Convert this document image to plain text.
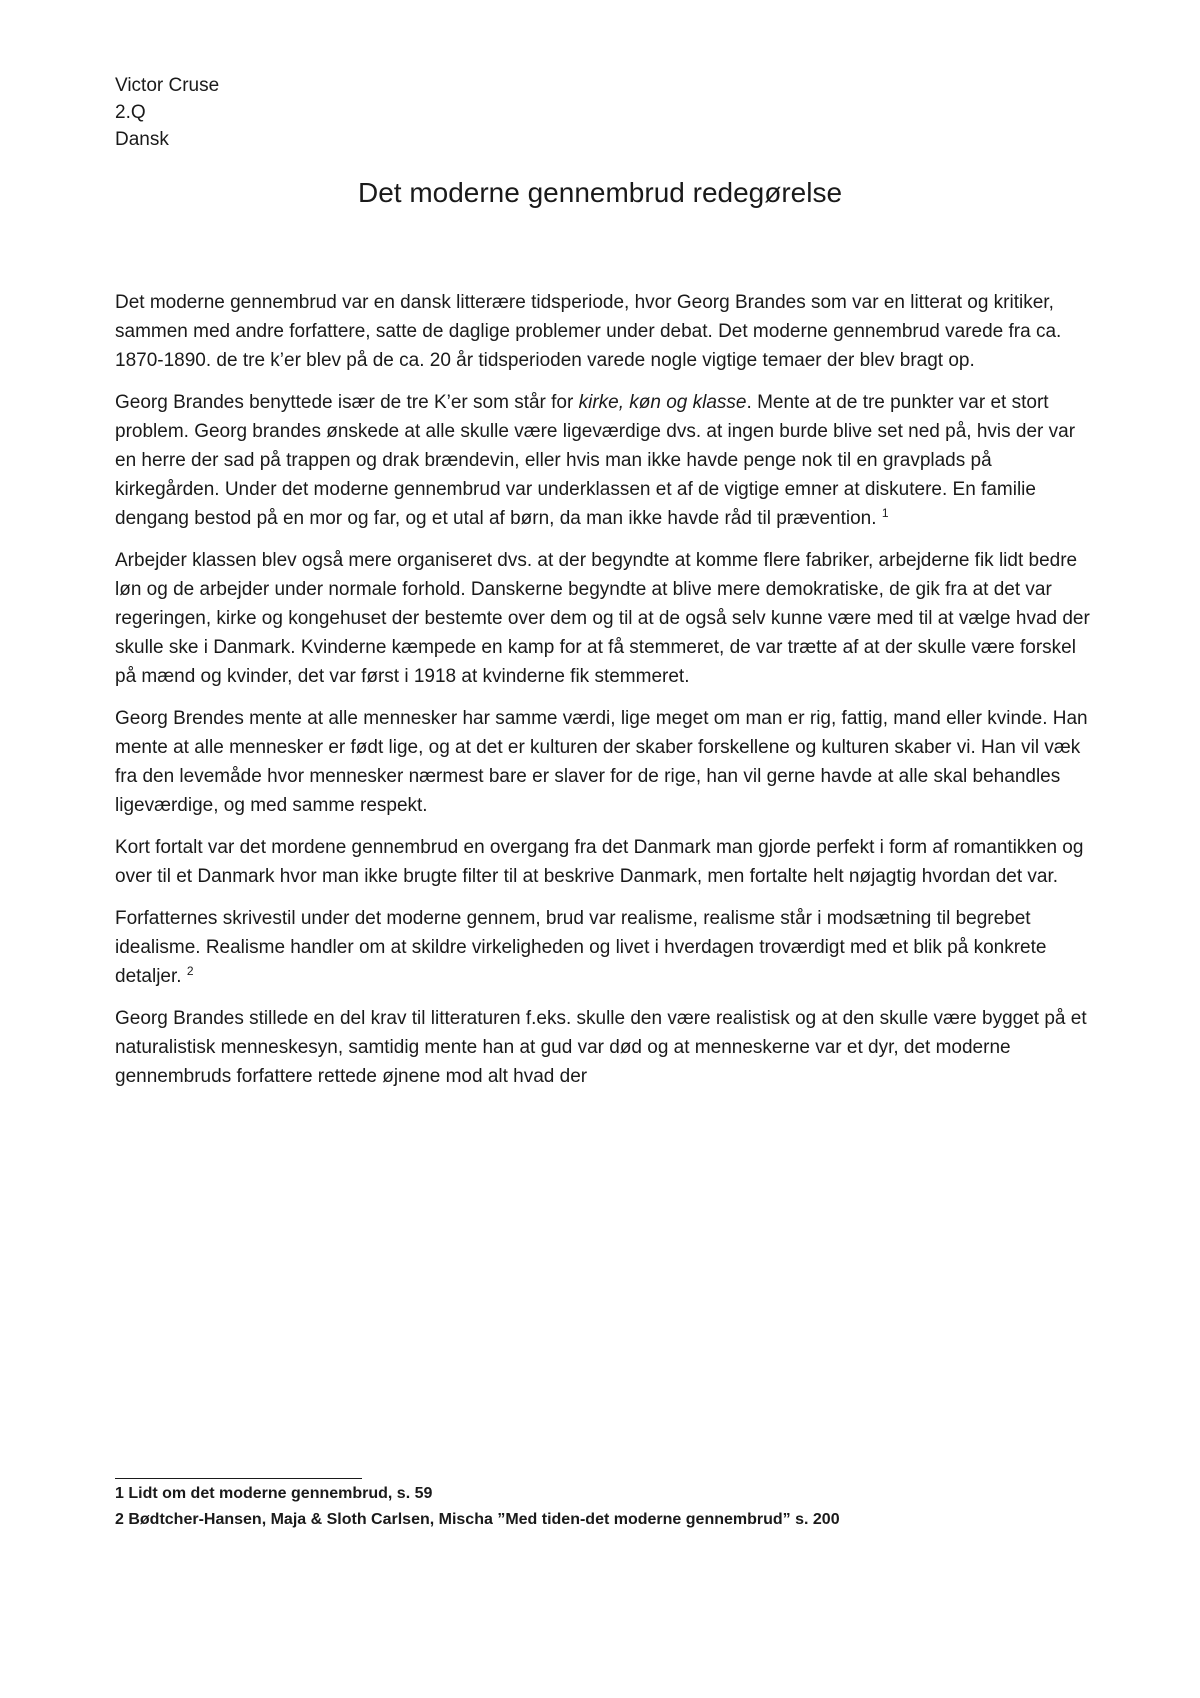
Victor Cruse
2.Q
Dansk
Det moderne gennembrud redegørelse

Det moderne gennembrud var en dansk litterære tidsperiode, hvor Georg Brandes som var en litterat og kritiker, sammen med andre forfattere, satte de daglige problemer under debat. Det moderne gennembrud varede fra ca. 1870-1890. de tre k’er blev på de ca. 20 år tidsperioden varede nogle vigtige temaer der blev bragt op.

Georg Brandes benyttede især de tre K’er som står for kirke, køn og klasse. Mente at de tre punkter var et stort problem. Georg brandes ønskede at alle skulle være ligeværdige dvs. at ingen burde blive set ned på, hvis der var en herre der sad på trappen og drak brændevin, eller hvis man ikke havde penge nok til en gravplads på kirkegården. Under det moderne gennembrud var underklassen et af de vigtige emner at diskutere. En familie dengang bestod på en mor og far, og et utal af børn, da man ikke havde råd til prævention. $^1$

Arbejder klassen blev også mere organiseret dvs. at der begyndte at komme flere fabriker, arbejderne fik lidt bedre løn og de arbejder under normale forhold. Danskerne begyndte at blive mere demokratiske, de gik fra at det var regeringen, kirke og kongehuset der bestemte over dem og til at de også selv kunne være med til at vælge hvad der skulle ske i Danmark. Kvinderne kæmpede en kamp for at få stemmeret, de var trætte af at der skulle være forskel på mænd og kvinder, det var først i 1918 at kvinderne fik stemmeret.

Georg Brendes mente at alle mennesker har samme værdi, lige meget om man er rig, fattig, mand eller kvinde. Han mente at alle mennesker er født lige, og at det er kulturen der skaber forskellene og kulturen skaber vi. Han vil væk fra den levemåde hvor mennesker nærmest bare er slaver for de rige, han vil gerne havde at alle skal behandles ligeværdige, og med samme respekt.

Kort fortalt var det mordene gennembrud en overgang fra det Danmark man gjorde perfekt i form af romantikken og over til et Danmark hvor man ikke brugte filter til at beskrive Danmark, men fortalte helt nøjagtig hvordan det var.

Forfatternes skrivestil under det moderne gennem, brud var realisme, realisme står i modsætning til begrebet idealisme. Realisme handler om at skildre virkeligheden og livet i hverdagen troværdigt med et blik på konkrete detaljer. $^2$

Georg Brandes stillede en del krav til litteraturen f.eks. skulle den være realistisk og at den skulle være bygget på et naturalistisk menneskesyn, samtidig mente han at gud var død og at menneskerne var et dyr, det moderne gennembruds forfattere rettede øjnene mod alt hvad der

1 Lidt om det moderne gennembrud, s. 59
2 Bødtcher-Hansen, Maja & Sloth Carlsen, Mischa ”Med tiden-det moderne gennembrud” s. 200
